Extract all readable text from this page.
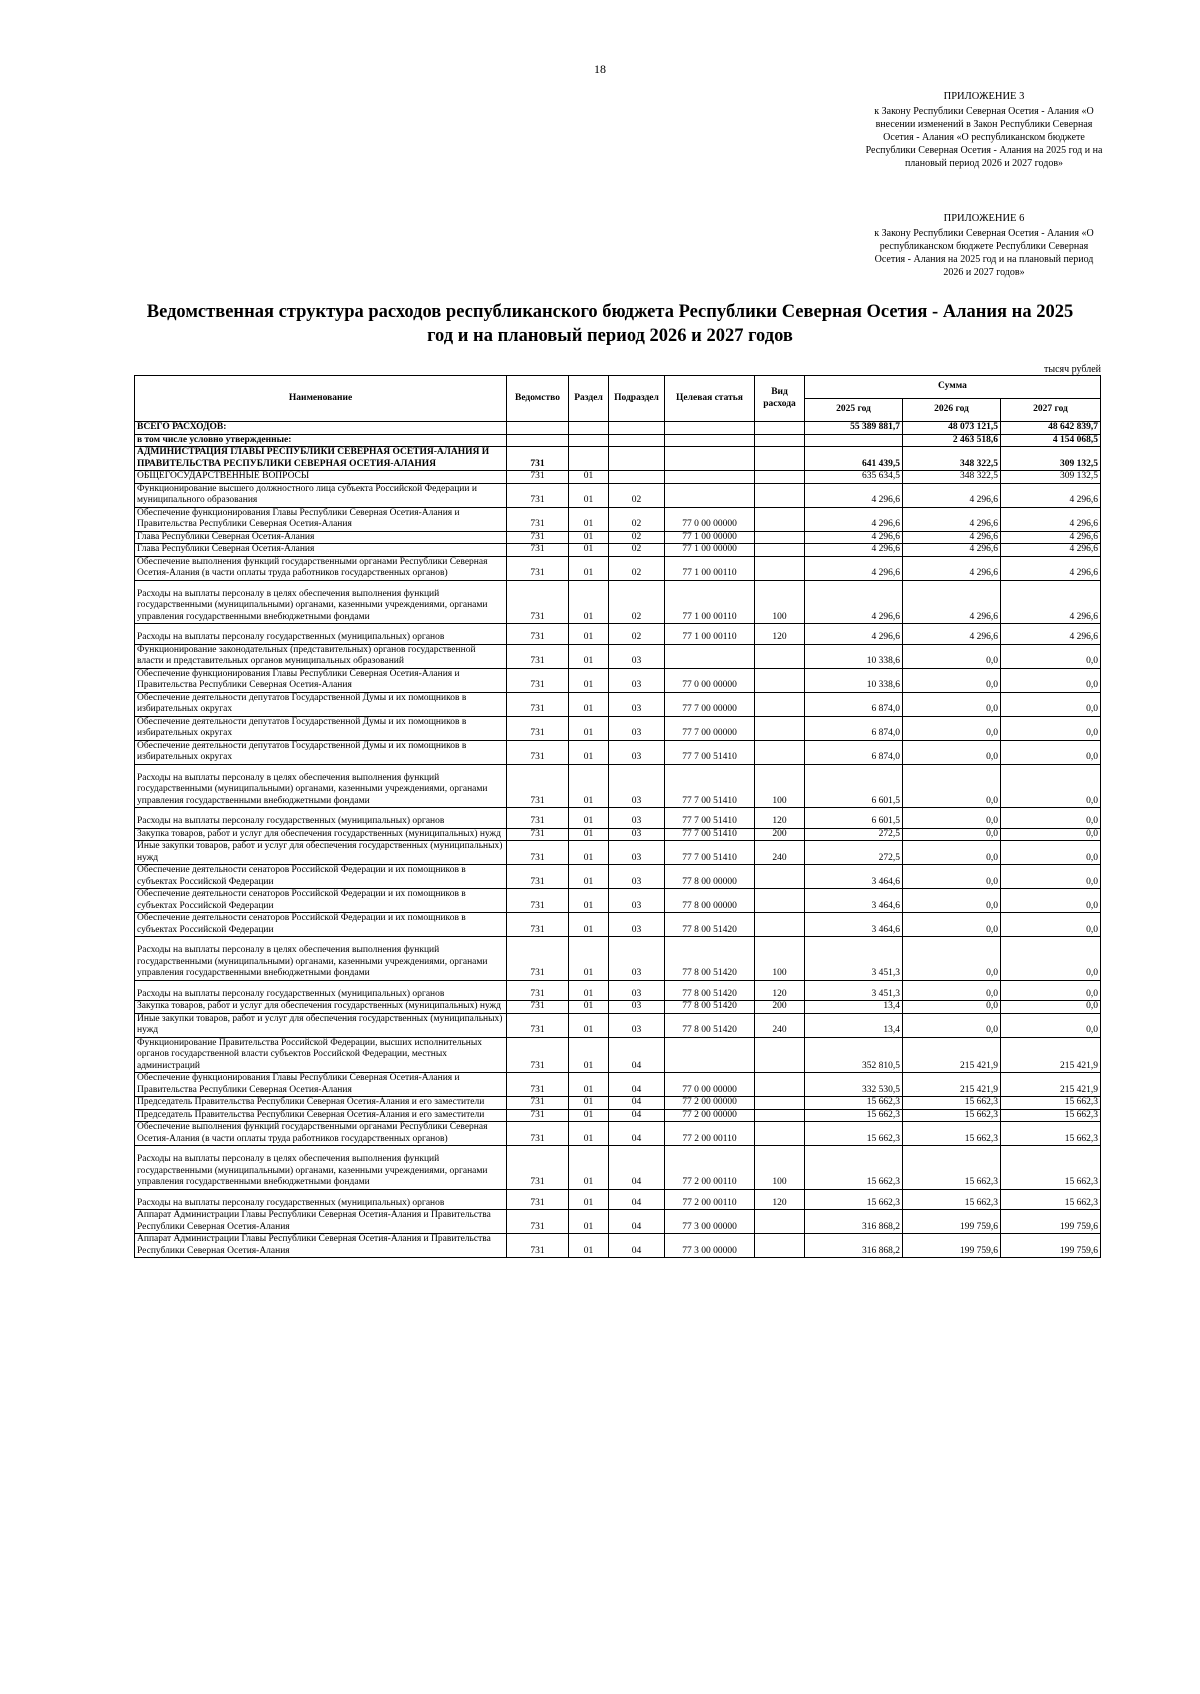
18
ПРИЛОЖЕНИЕ 3
к Закону Республики Северная Осетия - Алания «О внесении изменений в Закон Республики Северная Осетия - Алания «О республиканском бюджете Республики Северная Осетия - Алания на 2025 год и на плановый период 2026 и 2027 годов»
ПРИЛОЖЕНИЕ 6
к Закону Республики Северная Осетия - Алания «О республиканском бюджете Республики Северная Осетия - Алания на 2025 год и на плановый период 2026 и 2027 годов»
Ведомственная структура расходов республиканского бюджета Республики Северная Осетия - Алания на 2025 год и на плановый период 2026 и 2027 годов
тысяч рублей
Наименование	Ведомство	Раздел	Подраздел	Целевая статья	Вид расхода	Сумма		
						2025 год	2026 год	2027 год
ВСЕГО РАСХОДОВ:						55 389 881,7	48 073 121,5	48 642 839,7
в том числе условно утвержденные:							2 463 518,6	4 154 068,5
АДМИНИСТРАЦИЯ ГЛАВЫ РЕСПУБЛИКИ СЕВЕРНАЯ ОСЕТИЯ-АЛАНИЯ И ПРАВИТЕЛЬСТВА РЕСПУБЛИКИ СЕВЕРНАЯ ОСЕТИЯ-АЛАНИЯ	731					641 439,5	348 322,5	309 132,5
ОБЩЕГОСУДАРСТВЕННЫЕ ВОПРОСЫ	731	01				635 634,5	348 322,5	309 132,5
Функционирование высшего должностного лица субъекта Российской Федерации и муниципального образования	731	01	02			4 296,6	4 296,6	4 296,6
Обеспечение функционирования Главы Республики Северная Осетия-Алания и Правительства Республики Северная Осетия-Алания	731	01	02	77 0 00 00000		4 296,6	4 296,6	4 296,6
Глава Республики Северная Осетия-Алания	731	01	02	77 1 00 00000		4 296,6	4 296,6	4 296,6
Глава Республики Северная Осетия-Алания	731	01	02	77 1 00 00000		4 296,6	4 296,6	4 296,6
Обеспечение выполнения функций государственными органами Республики Северная Осетия-Алания (в части оплаты труда работников государственных органов)	731	01	02	77 1 00 00110		4 296,6	4 296,6	4 296,6
Расходы на выплаты персоналу в целях обеспечения выполнения функций государственными (муниципальными) органами, казенными учреждениями, органами управления государственными внебюджетными фондами	731	01	02	77 1 00 00110	100	4 296,6	4 296,6	4 296,6
Расходы на выплаты персоналу государственных (муниципальных) органов	731	01	02	77 1 00 00110	120	4 296,6	4 296,6	4 296,6
Функционирование законодательных (представительных) органов государственной власти и представительных органов муниципальных образований	731	01	03			10 338,6	0,0	0,0
Обеспечение функционирования Главы Республики Северная Осетия-Алания и Правительства Республики Северная Осетия-Алания	731	01	03	77 0 00 00000		10 338,6	0,0	0,0
Обеспечение деятельности депутатов Государственной Думы и их помощников в избирательных округах	731	01	03	77 7 00 00000		6 874,0	0,0	0,0
Обеспечение деятельности депутатов Государственной Думы и их помощников в избирательных округах	731	01	03	77 7 00 00000		6 874,0	0,0	0,0
Обеспечение деятельности депутатов Государственной Думы и их помощников в избирательных округах	731	01	03	77 7 00 51410		6 874,0	0,0	0,0
Расходы на выплаты персоналу в целях обеспечения выполнения функций государственными (муниципальными) органами, казенными учреждениями, органами управления государственными внебюджетными фондами	731	01	03	77 7 00 51410	100	6 601,5	0,0	0,0
Расходы на выплаты персоналу государственных (муниципальных) органов	731	01	03	77 7 00 51410	120	6 601,5	0,0	0,0
Закупка товаров, работ и услуг для обеспечения государственных (муниципальных) нужд	731	01	03	77 7 00 51410	200	272,5	0,0	0,0
Иные закупки товаров, работ и услуг для обеспечения государственных (муниципальных) нужд	731	01	03	77 7 00 51410	240	272,5	0,0	0,0
Обеспечение деятельности сенаторов Российской Федерации и их помощников в субъектах Российской Федерации	731	01	03	77 8 00 00000		3 464,6	0,0	0,0
Обеспечение деятельности сенаторов Российской Федерации и их помощников в субъектах Российской Федерации	731	01	03	77 8 00 00000		3 464,6	0,0	0,0
Обеспечение деятельности сенаторов Российской Федерации и их помощников в субъектах Российской Федерации	731	01	03	77 8 00 51420		3 464,6	0,0	0,0
Расходы на выплаты персоналу в целях обеспечения выполнения функций государственными (муниципальными) органами, казенными учреждениями, органами управления государственными внебюджетными фондами	731	01	03	77 8 00 51420	100	3 451,3	0,0	0,0
Расходы на выплаты персоналу государственных (муниципальных) органов	731	01	03	77 8 00 51420	120	3 451,3	0,0	0,0
Закупка товаров, работ и услуг для обеспечения государственных (муниципальных) нужд	731	01	03	77 8 00 51420	200	13,4	0,0	0,0
Иные закупки товаров, работ и услуг для обеспечения государственных (муниципальных) нужд	731	01	03	77 8 00 51420	240	13,4	0,0	0,0
Функционирование Правительства Российской Федерации, высших исполнительных органов государственной власти субъектов Российской Федерации, местных администраций	731	01	04			352 810,5	215 421,9	215 421,9
Обеспечение функционирования Главы Республики Северная Осетия-Алания и Правительства Республики Северная Осетия-Алания	731	01	04	77 0 00 00000		332 530,5	215 421,9	215 421,9
Председатель Правительства Республики Северная Осетия-Алания и его заместители	731	01	04	77 2 00 00000		15 662,3	15 662,3	15 662,3
Председатель Правительства Республики Северная Осетия-Алания и его заместители	731	01	04	77 2 00 00000		15 662,3	15 662,3	15 662,3
Обеспечение выполнения функций государственными органами Республики Северная Осетия-Алания (в части оплаты труда работников государственных органов)	731	01	04	77 2 00 00110		15 662,3	15 662,3	15 662,3
Расходы на выплаты персоналу в целях обеспечения выполнения функций государственными (муниципальными) органами, казенными учреждениями, органами управления государственными внебюджетными фондами	731	01	04	77 2 00 00110	100	15 662,3	15 662,3	15 662,3
Расходы на выплаты персоналу государственных (муниципальных) органов	731	01	04	77 2 00 00110	120	15 662,3	15 662,3	15 662,3
Аппарат Администрации Главы Республики Северная Осетия-Алания и Правительства Республики Северная Осетия-Алания	731	01	04	77 3 00 00000		316 868,2	199 759,6	199 759,6
Аппарат Администрации Главы Республики Северная Осетия-Алания и Правительства Республики Северная Осетия-Алания	731	01	04	77 3 00 00000		316 868,2	199 759,6	199 759,6
